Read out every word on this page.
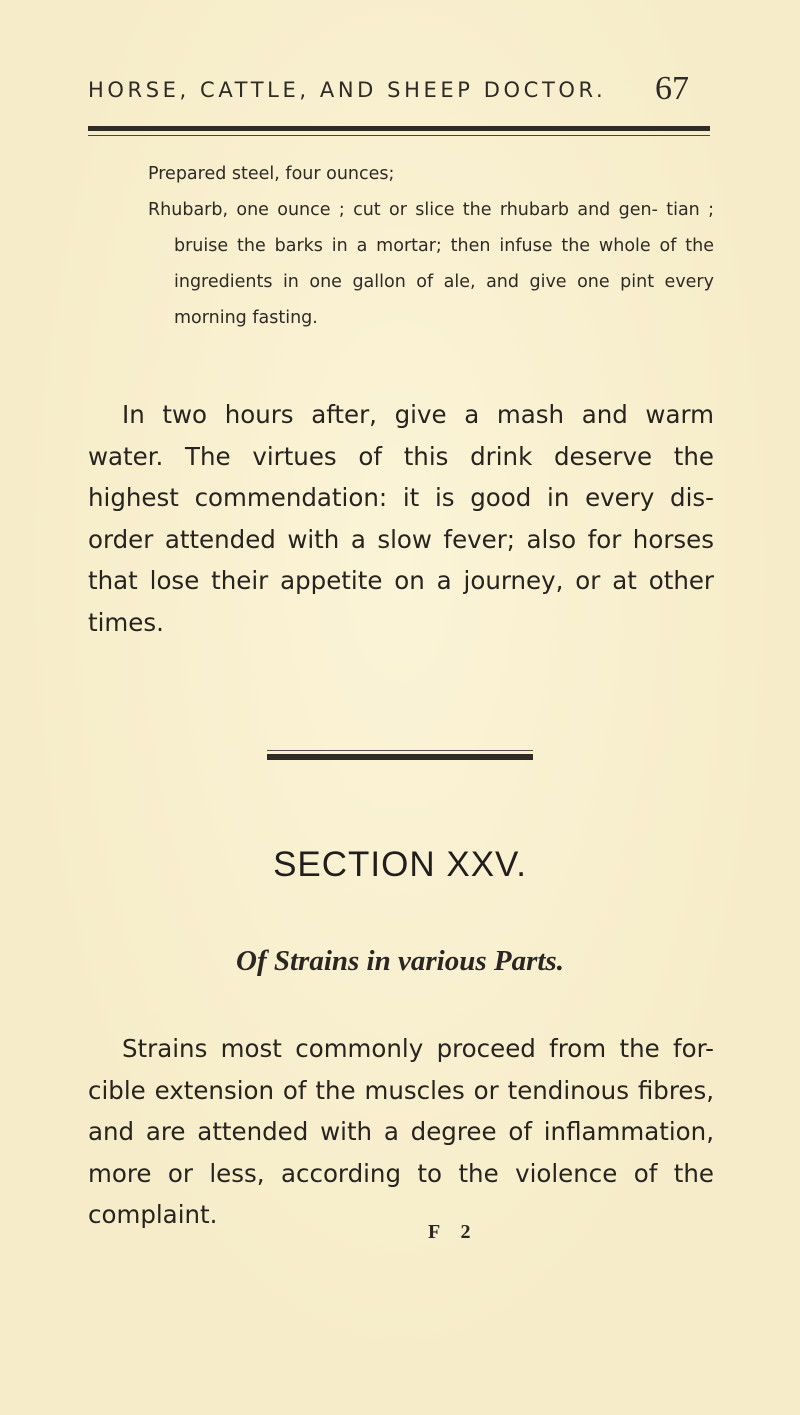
HORSE, CATTLE, AND SHEEP DOCTOR.	67

Prepared steel, four ounces;

Rhubarb, one ounce ; cut or slice the rhubarb and gen- tian ; bruise the barks in a mortar; then infuse the whole of the ingredients in one gallon of ale, and give one pint every morning fasting.

In two hours after, give a mash and warm water. The virtues of this drink deserve the highest commendation: it is good in every dis- order attended with a slow fever; also for horses that lose their appetite on a journey, or at other times.

SECTION XXV.
Of Strains in various Parts.

Strains most commonly proceed from the for- cible extension of the muscles or tendinous fibres, and are attended with a degree of inflammation, more or less, according to the violence of the complaint.

F 2
